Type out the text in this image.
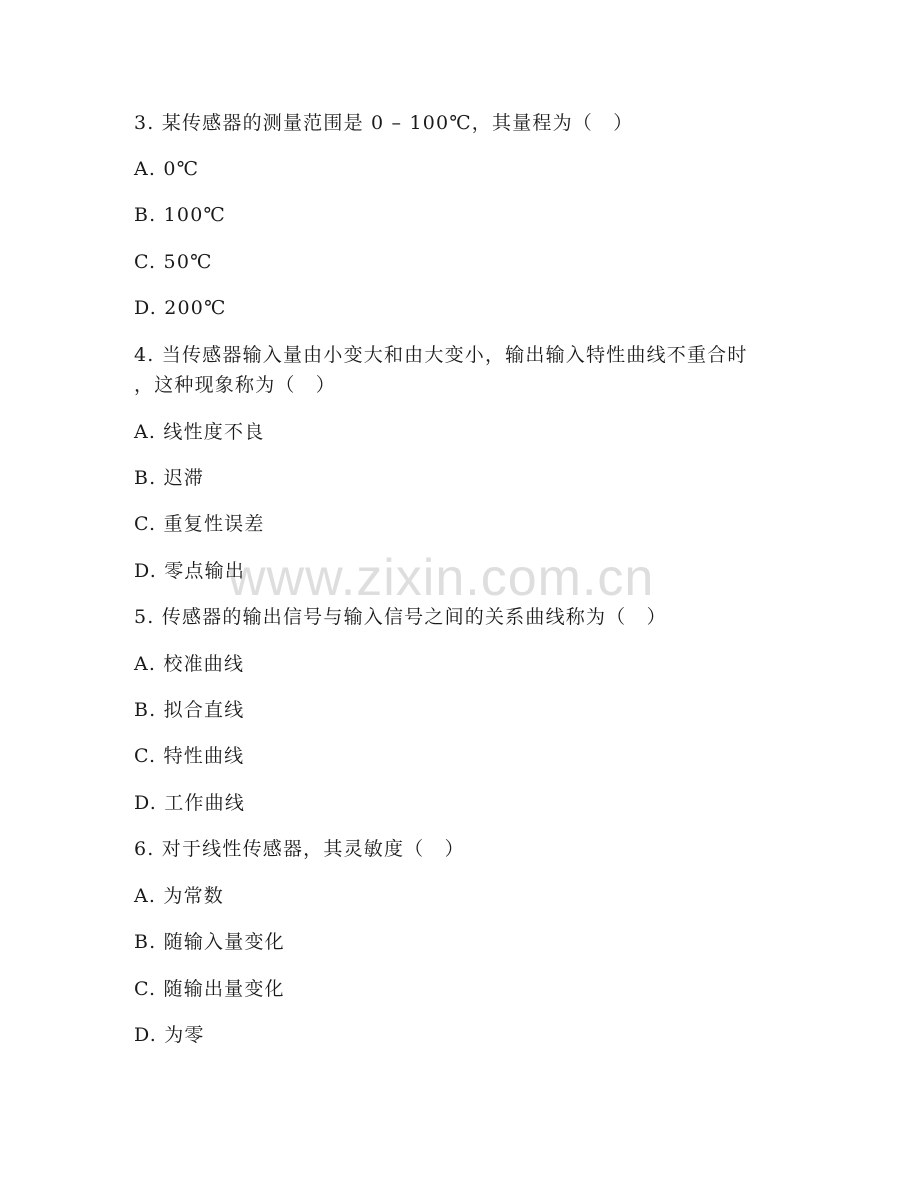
www.zixin.com.cn
3. 某传感器的测量范围是 0 – 100℃，其量程为（　）
A. 0℃
B. 100℃
C. 50℃
D. 200℃
4. 当传感器输入量由小变大和由大变小，输出输入特性曲线不重合时
，这种现象称为（　）
A. 线性度不良
B. 迟滞
C. 重复性误差
D. 零点输出
5. 传感器的输出信号与输入信号之间的关系曲线称为（　）
A. 校准曲线
B. 拟合直线
C. 特性曲线
D. 工作曲线
6. 对于线性传感器，其灵敏度（　）
A. 为常数
B. 随输入量变化
C. 随输出量变化
D. 为零
